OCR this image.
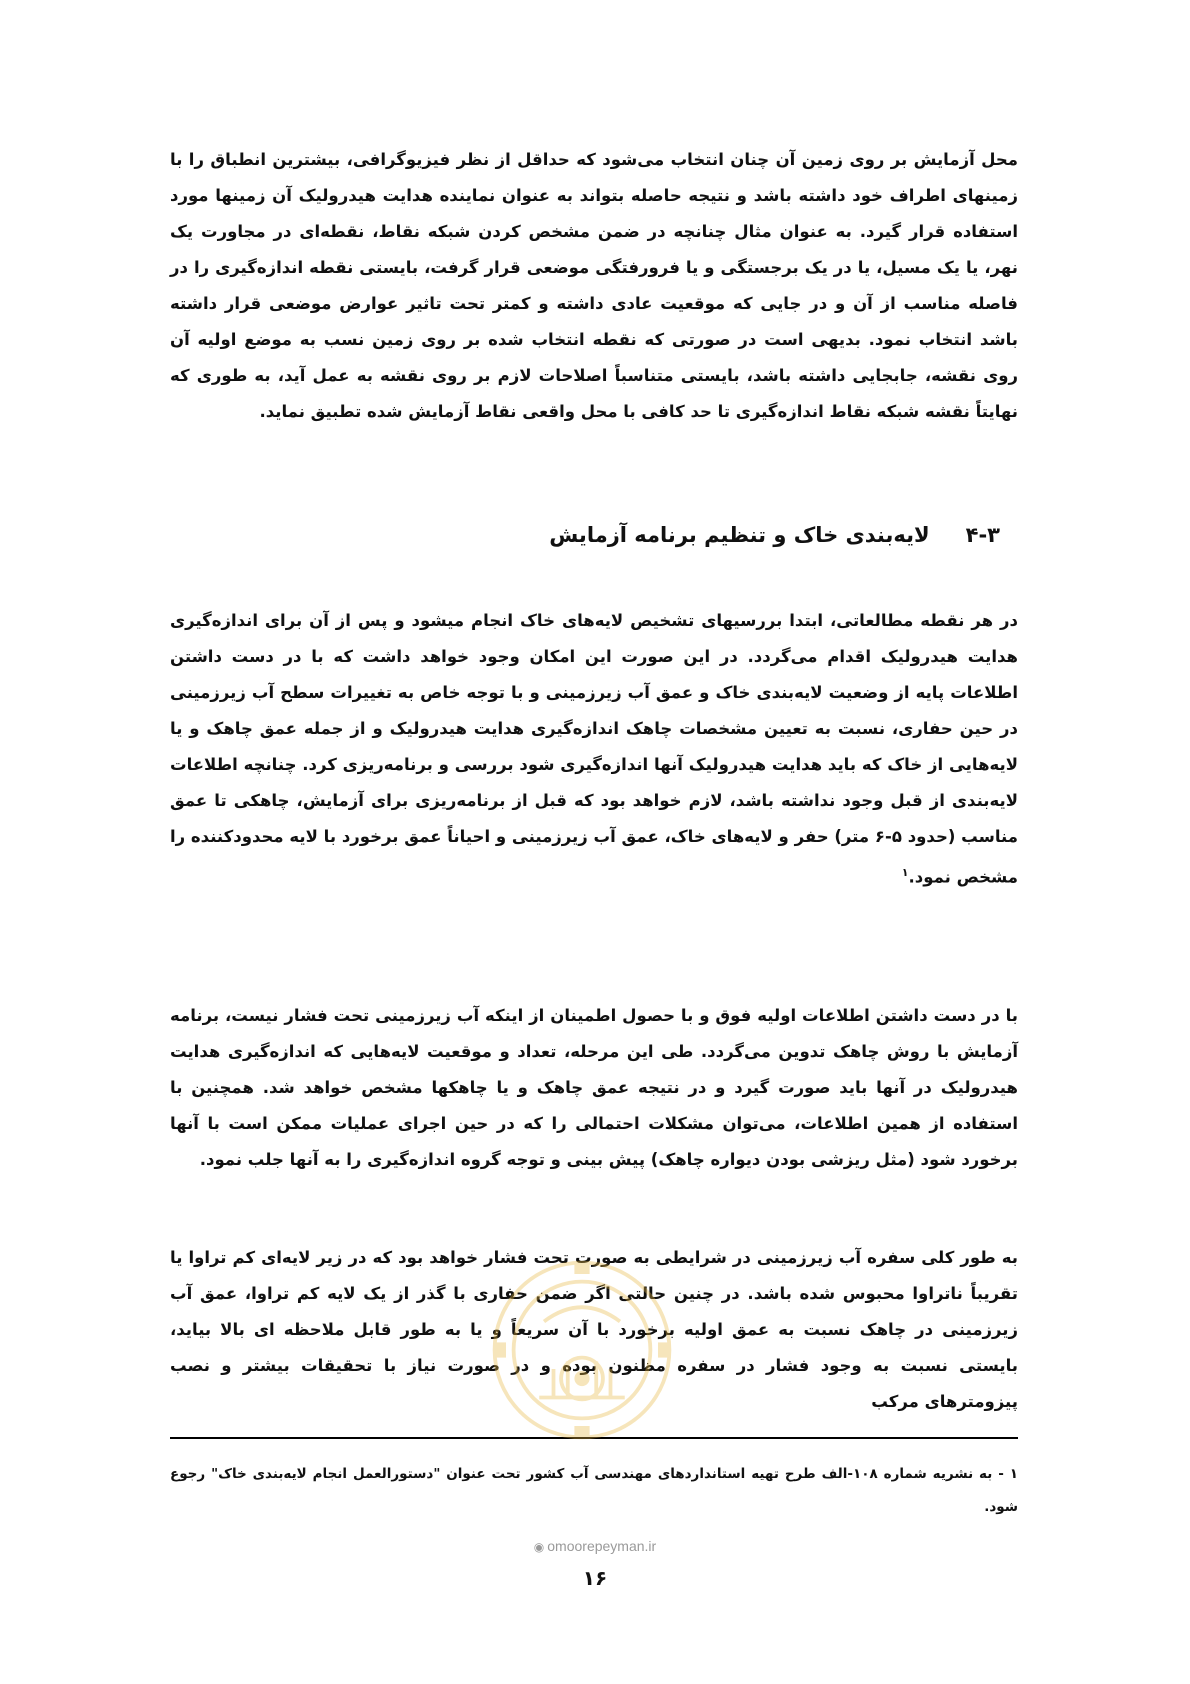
محل آزمایش بر روی زمین آن چنان انتخاب می‌شود که حداقل از نظر فیزیوگرافی، بیشترین انطباق را با زمینهای اطراف خود داشته باشد و نتیجه حاصله بتواند به عنوان نماینده هدایت هیدرولیک آن زمینها مورد استفاده قرار گیرد. به عنوان مثال چنانچه در ضمن مشخص کردن شبکه نقاط، نقطه‌ای در مجاورت یک نهر، یا یک مسیل، یا در یک برجستگی و یا فرورفتگی موضعی قرار گرفت، بایستی نقطه اندازه‌گیری را در فاصله مناسب از آن و در جایی که موقعیت عادی داشته و کمتر تحت تاثیر عوارض موضعی قرار داشته باشد انتخاب نمود. بدیهی است در صورتی که نقطه انتخاب شده بر روی زمین نسب به موضع اولیه آن روی نقشه، جابجایی داشته باشد، بایستی متناسباً اصلاحات لازم بر روی نقشه به عمل آید، به طوری که نهایتاً نقشه شبکه نقاط اندازه‌گیری تا حد کافی با محل واقعی نقاط آزمایش شده تطبیق نماید.

۴-۳لایه‌بندی خاک و تنظیم برنامه آزمایش

در هر نقطه مطالعاتی، ابتدا بررسیهای تشخیص لایه‌های خاک انجام میشود و پس از آن برای اندازه‌گیری هدایت هیدرولیک اقدام می‌گردد. در این صورت این امکان وجود خواهد داشت که با در دست داشتن اطلاعات پایه از وضعیت لایه‌بندی خاک و عمق آب زیرزمینی و با توجه خاص به تغییرات سطح آب زیرزمینی در حین حفاری، نسبت به تعیین مشخصات چاهک اندازه‌گیری هدایت هیدرولیک و از جمله عمق چاهک و یا لایه‌هایی از خاک که باید هدایت هیدرولیک آنها اندازه‌گیری شود بررسی و برنامه‌ریزی کرد. چنانچه اطلاعات لایه‌بندی از قبل وجود نداشته باشد، لازم خواهد بود که قبل از برنامه‌ریزی برای آزمایش، چاهکی تا عمق مناسب (حدود ۵-۶ متر) حفر و لایه‌های خاک، عمق آب زیرزمینی و احیاناً عمق برخورد با لایه محدودکننده را مشخص نمود.$^۱$

با در دست داشتن اطلاعات اولیه فوق و با حصول اطمینان از اینکه آب زیرزمینی تحت فشار نیست، برنامه آزمایش با روش چاهک تدوین می‌گردد. طی این مرحله، تعداد و موقعیت لایه‌هایی که اندازه‌گیری هدایت هیدرولیک در آنها باید صورت گیرد و در نتیجه عمق چاهک و یا چاهکها مشخص خواهد شد. همچنین با استفاده از همین اطلاعات، می‌توان مشکلات احتمالی را که در حین اجرای عملیات ممکن است با آنها برخورد شود (مثل ریزشی بودن دیواره چاهک) پیش بینی و توجه گروه اندازه‌گیری را به آنها جلب نمود.

به طور کلی سفره آب زیرزمینی در شرایطی به صورت تحت فشار خواهد بود که در زیر لایه‌ای کم تراوا یا تقریباً ناتراوا محبوس شده باشد. در چنین حالتی اگر ضمن حفاری با گذر از یک لایه کم تراوا، عمق آب زیرزمینی در چاهک نسبت به عمق اولیه برخورد با آن سریعاً و یا به طور قابل ملاحظه ای بالا بیاید، بایستی نسبت به وجود فشار در سفره مظنون بوده و در صورت نیاز با تحقیقات بیشتر و نصب پیزومترهای مرکب

۱ - به نشریه شماره ۱۰۸-الف طرح تهیه استانداردهای مهندسی آب کشور تحت عنوان "دستورالعمل انجام لایه‌بندی خاک" رجوع شود.

◉ omoorepeyman.ir
۱۶
